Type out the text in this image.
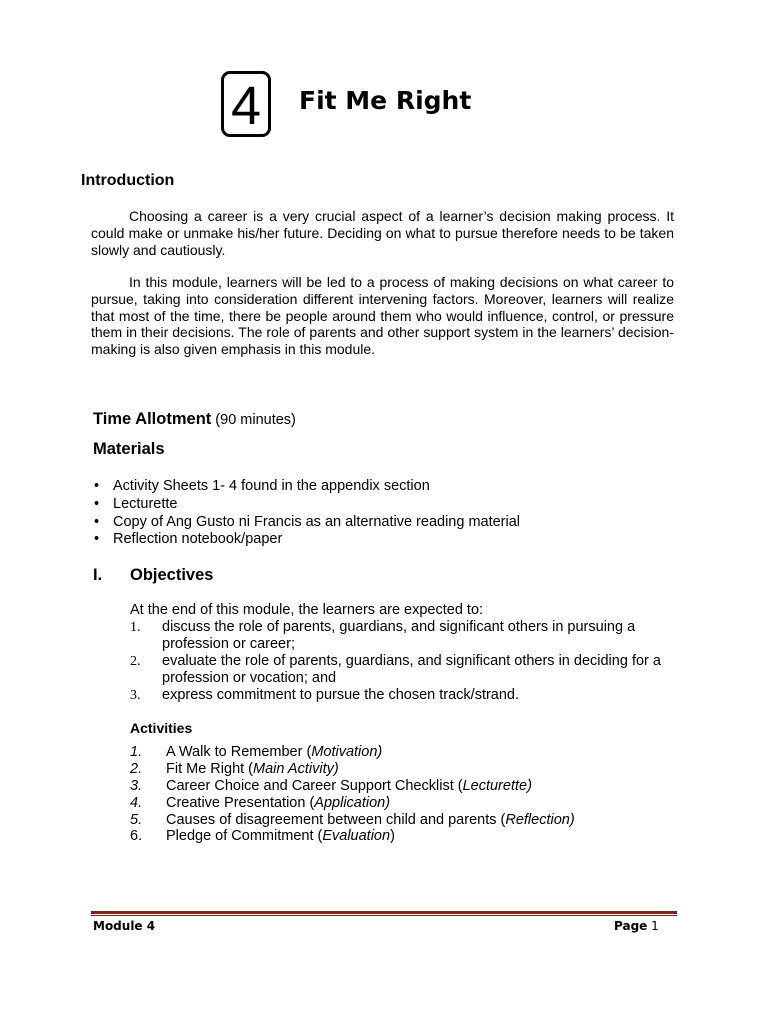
4	Fit Me Right
Introduction

Choosing a career is a very crucial aspect of a learner’s decision making process. It could make or unmake his/her future. Deciding on what to pursue therefore needs to be taken slowly and cautiously.

In this module, learners will be led to a process of making decisions on what career to pursue, taking into consideration different intervening factors. Moreover, learners will realize that most of the time, there be people around them who would influence, control, or pressure them in their decisions. The role of parents and other support system in the learners’ decision-making is also given emphasis in this module.

Time Allotment (90 minutes)
Materials
• Activity Sheets 1- 4 found in the appendix section
• Lecturette
• Copy of Ang Gusto ni Francis as an alternative reading material
• Reflection notebook/paper
I. Objectives
At the end of this module, the learners are expected to:
1. discuss the role of parents, guardians, and significant others in pursuing a profession or career;
2. evaluate the role of parents, guardians, and significant others in deciding for a profession or vocation; and
3. express commitment to pursue the chosen track/strand.
Activities
1. A Walk to Remember (Motivation)
2. Fit Me Right (Main Activity)
3. Career Choice and Career Support Checklist (Lecturette)
4. Creative Presentation (Application)
5. Causes of disagreement between child and parents (Reflection)
6. Pledge of Commitment (Evaluation)
Module 4	Page 1
